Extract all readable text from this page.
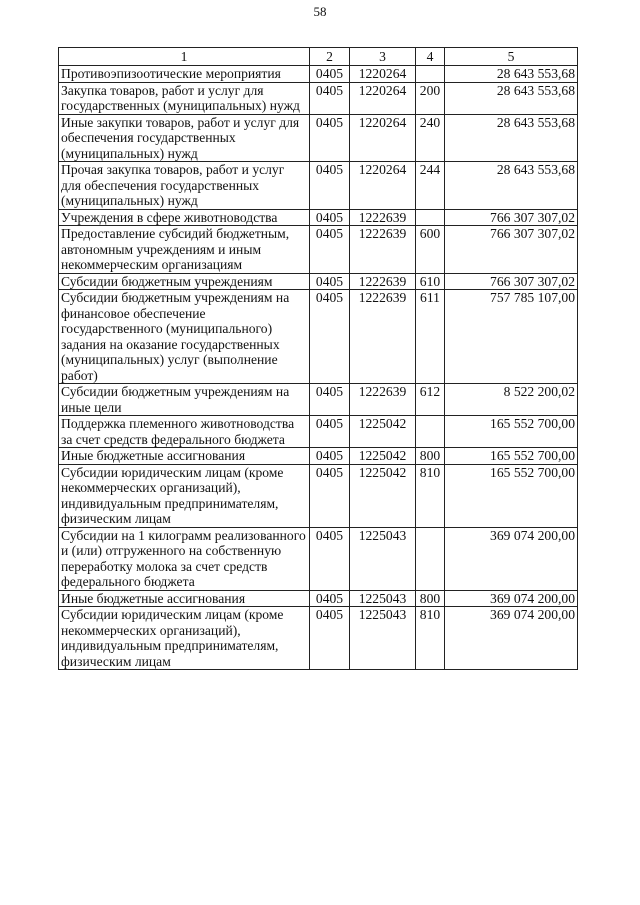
58
1	2	3	4	5
Противоэпизоотические мероприятия	0405	1220264		28 643 553,68
Закупка товаров, работ и услуг для государственных (муниципальных) нужд	0405	1220264	200	28 643 553,68
Иные закупки товаров, работ и услуг для обеспечения государственных (муниципальных) нужд	0405	1220264	240	28 643 553,68
Прочая закупка товаров, работ и услуг для обеспечения государственных (муниципальных) нужд	0405	1220264	244	28 643 553,68
Учреждения в сфере животноводства	0405	1222639		766 307 307,02
Предоставление субсидий бюджетным, автономным учреждениям и иным некоммерческим организациям	0405	1222639	600	766 307 307,02
Субсидии бюджетным учреждениям	0405	1222639	610	766 307 307,02
Субсидии бюджетным учреждениям на финансовое обеспечение государственного (муниципального) задания на оказание государственных (муниципальных) услуг (выполнение работ)	0405	1222639	611	757 785 107,00
Субсидии бюджетным учреждениям на иные цели	0405	1222639	612	8 522 200,02
Поддержка племенного животноводства за счет средств федерального бюджета	0405	1225042		165 552 700,00
Иные бюджетные ассигнования	0405	1225042	800	165 552 700,00
Субсидии юридическим лицам (кроме некоммерческих организаций), индивидуальным предпринимателям, физическим лицам	0405	1225042	810	165 552 700,00
Субсидии на 1 килограмм реализованного и (или) отгруженного на собственную переработку молока за счет средств федерального бюджета	0405	1225043		369 074 200,00
Иные бюджетные ассигнования	0405	1225043	800	369 074 200,00
Субсидии юридическим лицам (кроме некоммерческих организаций), индивидуальным предпринимателям, физическим лицам	0405	1225043	810	369 074 200,00
